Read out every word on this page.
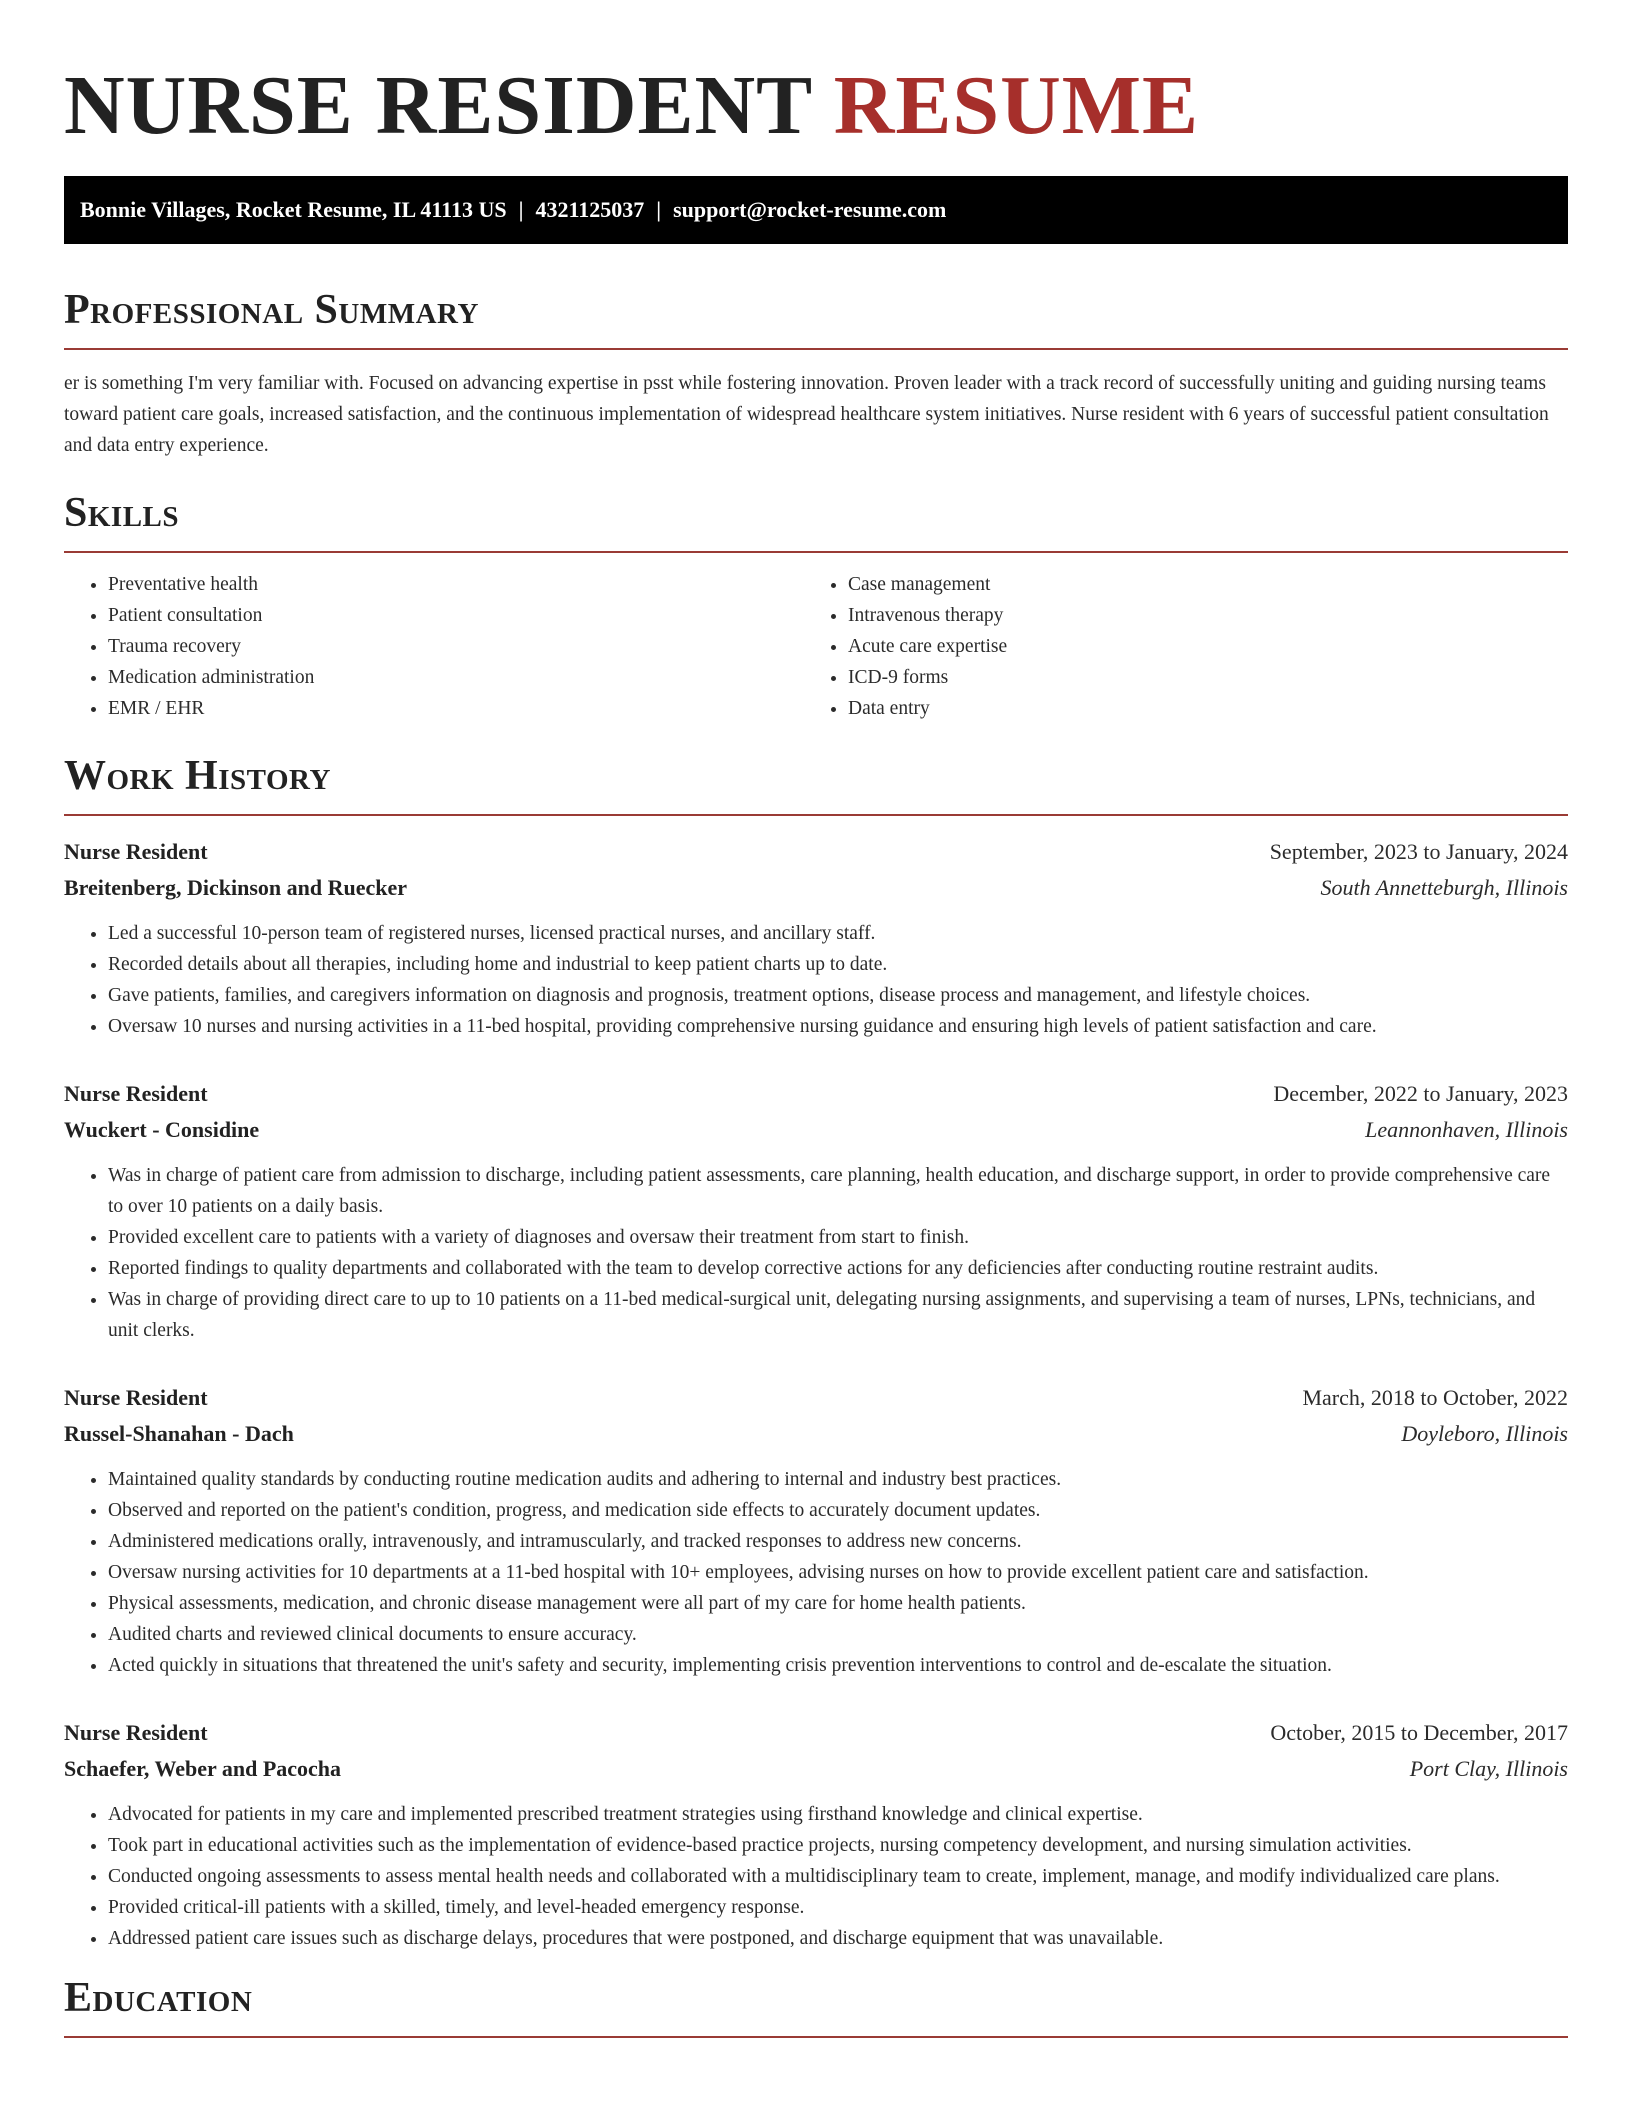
NURSE RESIDENT RESUME
Bonnie Villages, Rocket Resume, IL 41113 US | 4321125037 | support@rocket-resume.com
Professional Summary

er is something I'm very familiar with. Focused on advancing expertise in psst while fostering innovation. Proven leader with a track record of successfully uniting and guiding nursing teams toward patient care goals, increased satisfaction, and the continuous implementation of widespread healthcare system initiatives. Nurse resident with 6 years of successful patient consultation and data entry experience.

Skills
• Preventative health
• Patient consultation
• Trauma recovery
• Medication administration
• EMR / EHR
• Case management
• Intravenous therapy
• Acute care expertise
• ICD-9 forms
• Data entry
Work History
Nurse Resident	September, 2023 to January, 2024
Breitenberg, Dickinson and Ruecker	South Annetteburgh, Illinois
• Led a successful 10-person team of registered nurses, licensed practical nurses, and ancillary staff.
• Recorded details about all therapies, including home and industrial to keep patient charts up to date.
• Gave patients, families, and caregivers information on diagnosis and prognosis, treatment options, disease process and management, and lifestyle choices.
• Oversaw 10 nurses and nursing activities in a 11-bed hospital, providing comprehensive nursing guidance and ensuring high levels of patient satisfaction and care.
Nurse Resident	December, 2022 to January, 2023
Wuckert - Considine	Leannonhaven, Illinois
• Was in charge of patient care from admission to discharge, including patient assessments, care planning, health education, and discharge support, in order to provide comprehensive care to over 10 patients on a daily basis.
• Provided excellent care to patients with a variety of diagnoses and oversaw their treatment from start to finish.
• Reported findings to quality departments and collaborated with the team to develop corrective actions for any deficiencies after conducting routine restraint audits.
• Was in charge of providing direct care to up to 10 patients on a 11-bed medical-surgical unit, delegating nursing assignments, and supervising a team of nurses, LPNs, technicians, and unit clerks.
Nurse Resident	March, 2018 to October, 2022
Russel-Shanahan - Dach	Doyleboro, Illinois
• Maintained quality standards by conducting routine medication audits and adhering to internal and industry best practices.
• Observed and reported on the patient's condition, progress, and medication side effects to accurately document updates.
• Administered medications orally, intravenously, and intramuscularly, and tracked responses to address new concerns.
• Oversaw nursing activities for 10 departments at a 11-bed hospital with 10+ employees, advising nurses on how to provide excellent patient care and satisfaction.
• Physical assessments, medication, and chronic disease management were all part of my care for home health patients.
• Audited charts and reviewed clinical documents to ensure accuracy.
• Acted quickly in situations that threatened the unit's safety and security, implementing crisis prevention interventions to control and de-escalate the situation.
Nurse Resident	October, 2015 to December, 2017
Schaefer, Weber and Pacocha	Port Clay, Illinois
• Advocated for patients in my care and implemented prescribed treatment strategies using firsthand knowledge and clinical expertise.
• Took part in educational activities such as the implementation of evidence-based practice projects, nursing competency development, and nursing simulation activities.
• Conducted ongoing assessments to assess mental health needs and collaborated with a multidisciplinary team to create, implement, manage, and modify individualized care plans.
• Provided critical-ill patients with a skilled, timely, and level-headed emergency response.
• Addressed patient care issues such as discharge delays, procedures that were postponed, and discharge equipment that was unavailable.
Education
